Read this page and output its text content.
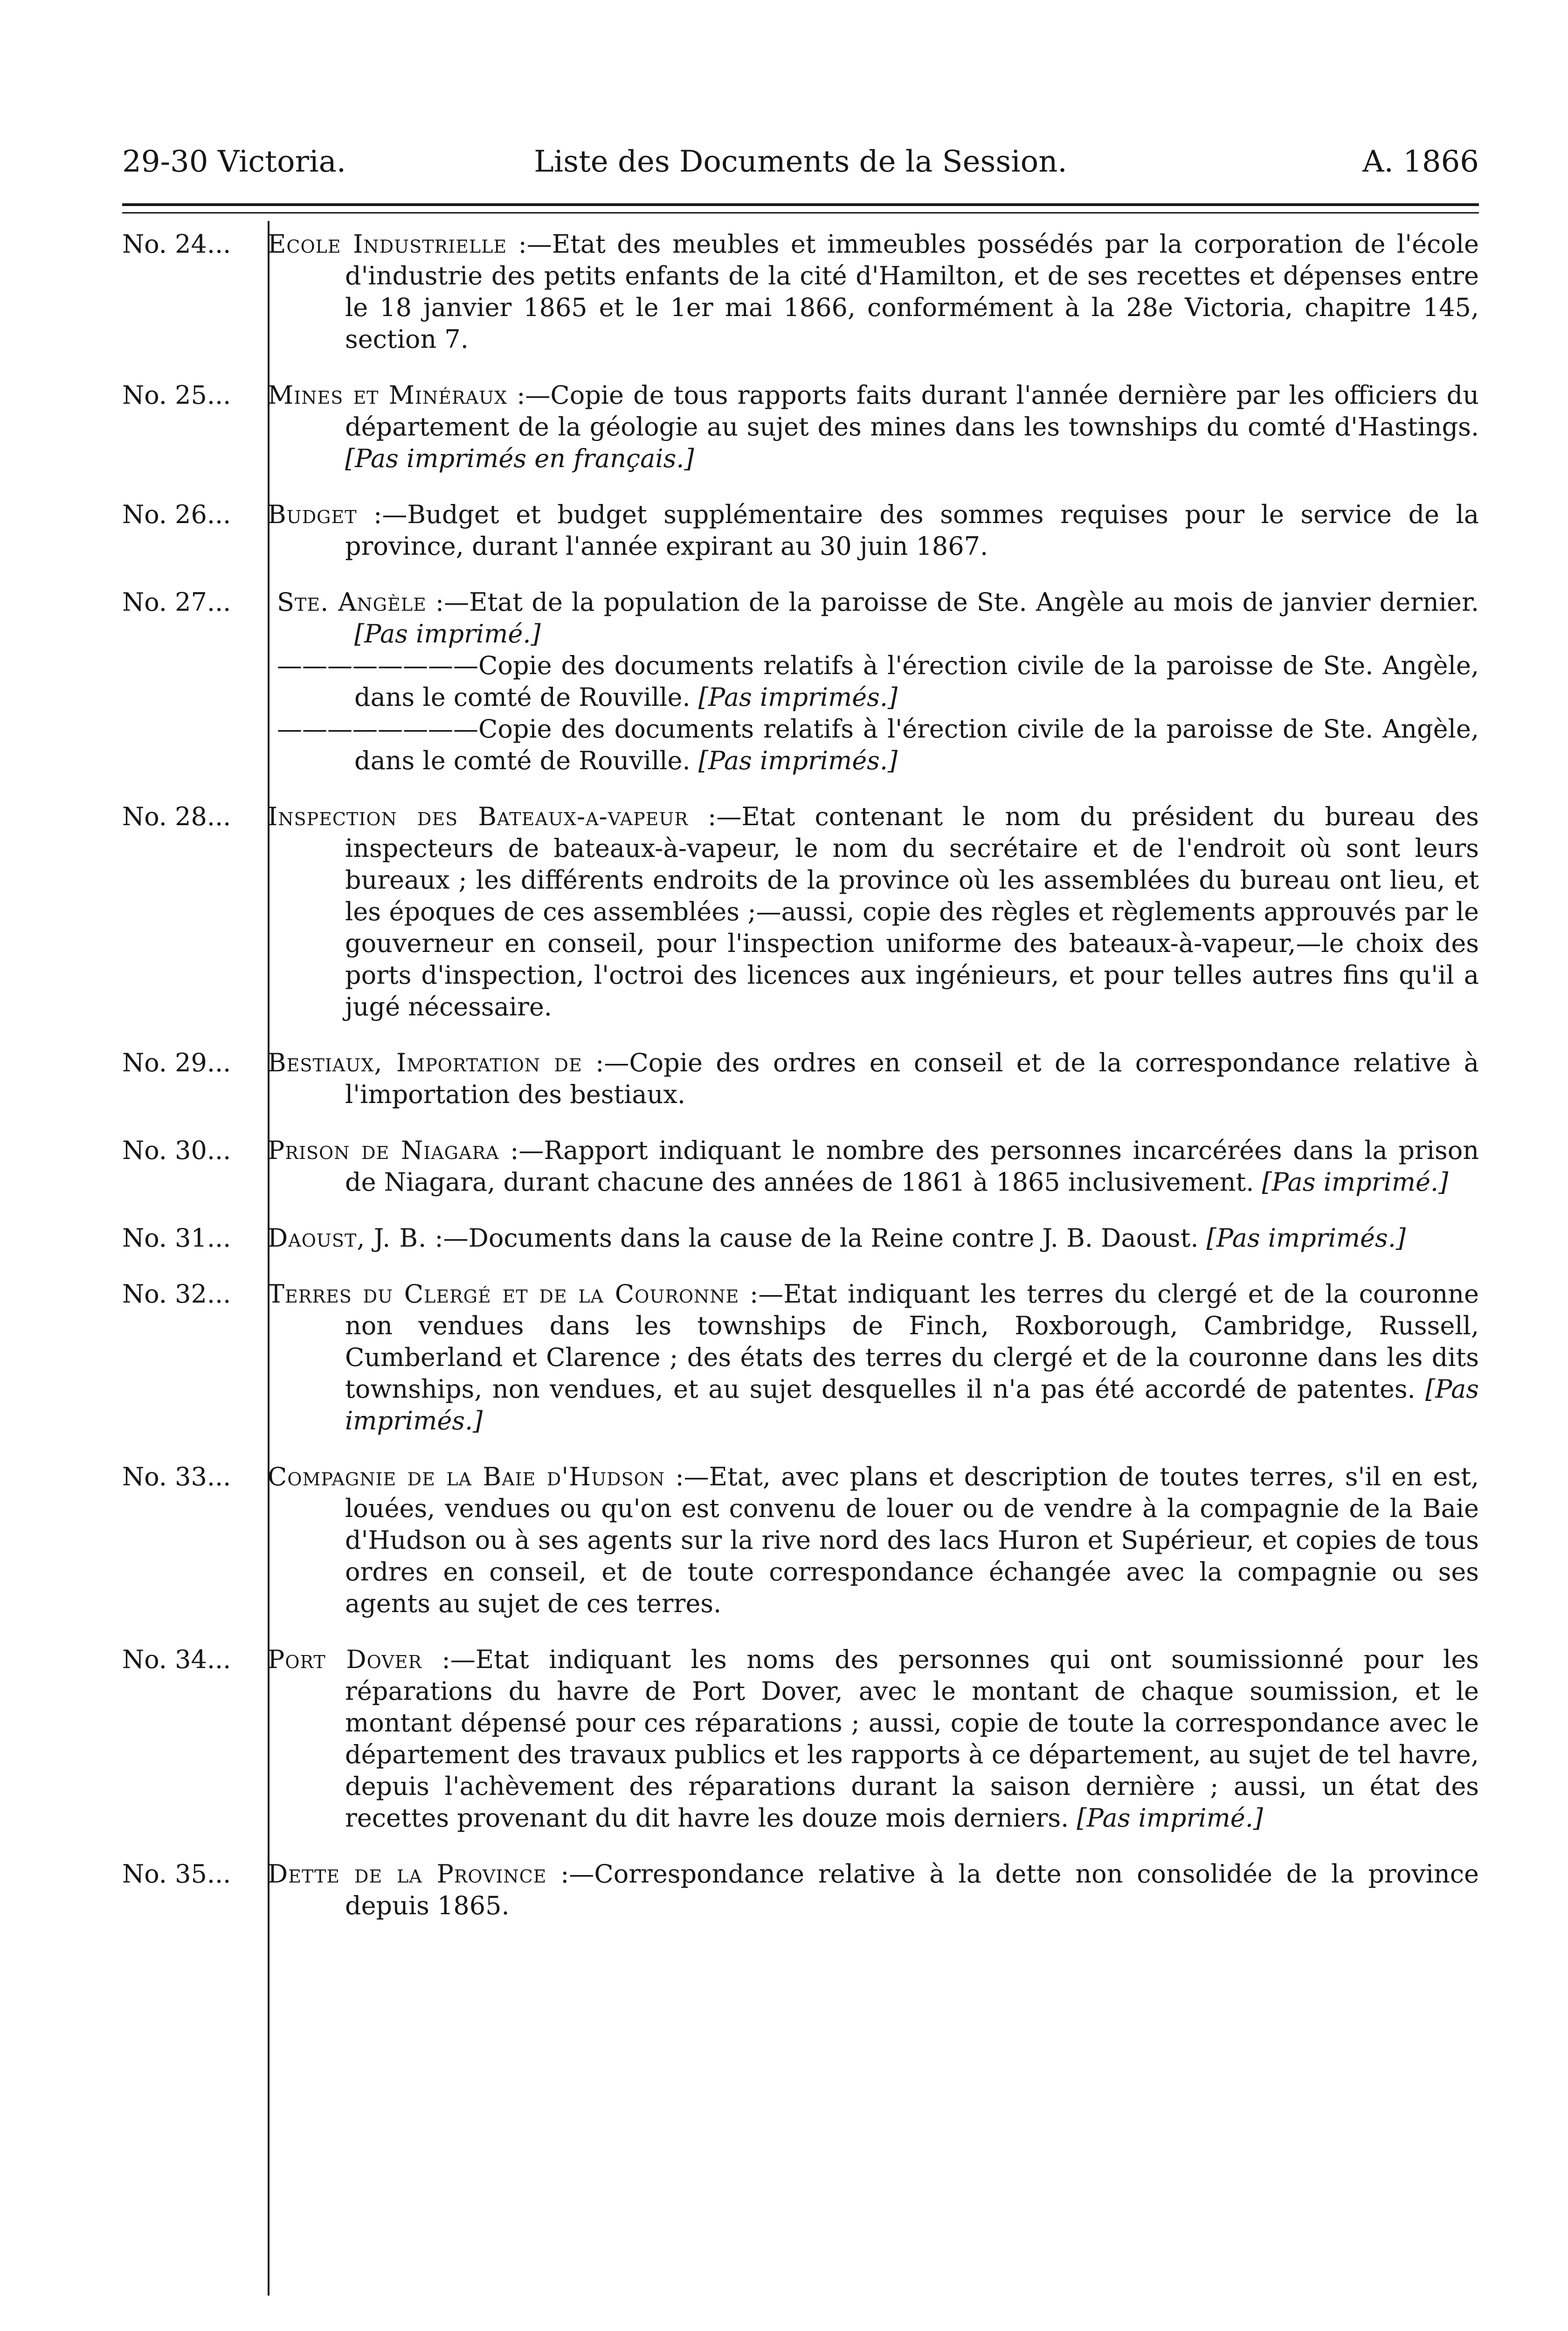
29-30 Victoria.	Liste des Documents de la Session.	A. 1866
No. 24...	Ecole Industrielle :—Etat des meubles et immeubles possédés par la corporation de l'école d'industrie des petits enfants de la cité d'Hamilton, et de ses recettes et dépenses entre le 18 janvier 1865 et le 1er mai 1866, conformément à la 28e Victoria, chapitre 145, section 7.
No. 25...	Mines et Minéraux :—Copie de tous rapports faits durant l'année dernière par les officiers du département de la géologie au sujet des mines dans les townships du comté d'Hastings. [Pas imprimés en français.]
No. 26...	Budget :—Budget et budget supplémentaire des sommes requises pour le service de la province, durant l'année expirant au 30 juin 1867.
No. 27...	Ste. Angèle :—Etat de la population de la paroisse de Ste. Angèle au mois de janvier dernier. [Pas imprimé.]
————————Copie des documents relatifs à l'érection civile de la paroisse de Ste. Angèle, dans le comté de Rouville. [Pas imprimés.]
————————Copie des documents relatifs à l'érection civile de la paroisse de Ste. Angèle, dans le comté de Rouville. [Pas imprimés.]
No. 28...	Inspection des Bateaux-a-vapeur :—Etat contenant le nom du président du bureau des inspecteurs de bateaux-à-vapeur, le nom du secrétaire et de l'endroit où sont leurs bureaux ; les différents endroits de la province où les assemblées du bureau ont lieu, et les époques de ces assemblées ;—aussi, copie des règles et règlements approuvés par le gouverneur en conseil, pour l'inspection uniforme des bateaux-à-vapeur,—le choix des ports d'inspection, l'octroi des licences aux ingénieurs, et pour telles autres fins qu'il a jugé nécessaire.
No. 29...	Bestiaux, Importation de :—Copie des ordres en conseil et de la correspondance relative à l'importation des bestiaux.
No. 30...	Prison de Niagara :—Rapport indiquant le nombre des personnes incarcérées dans la prison de Niagara, durant chacune des années de 1861 à 1865 inclusivement. [Pas imprimé.]
No. 31...	Daoust, J. B. :—Documents dans la cause de la Reine contre J. B. Daoust. [Pas imprimés.]
No. 32...	Terres du Clergé et de la Couronne :—Etat indiquant les terres du clergé et de la couronne non vendues dans les townships de Finch, Roxborough, Cambridge, Russell, Cumberland et Clarence ; des états des terres du clergé et de la couronne dans les dits townships, non vendues, et au sujet desquelles il n'a pas été accordé de patentes. [Pas imprimés.]
No. 33...	Compagnie de la Baie d'Hudson :—Etat, avec plans et description de toutes terres, s'il en est, louées, vendues ou qu'on est convenu de louer ou de vendre à la compagnie de la Baie d'Hudson ou à ses agents sur la rive nord des lacs Huron et Supérieur, et copies de tous ordres en conseil, et de toute correspondance échangée avec la compagnie ou ses agents au sujet de ces terres.
No. 34...	Port Dover :—Etat indiquant les noms des personnes qui ont soumissionné pour les réparations du havre de Port Dover, avec le montant de chaque soumission, et le montant dépensé pour ces réparations ; aussi, copie de toute la correspondance avec le département des travaux publics et les rapports à ce département, au sujet de tel havre, depuis l'achèvement des réparations durant la saison dernière ; aussi, un état des recettes provenant du dit havre les douze mois derniers. [Pas imprimé.]
No. 35...	Dette de la Province :—Correspondance relative à la dette non consolidée de la province depuis 1865.
